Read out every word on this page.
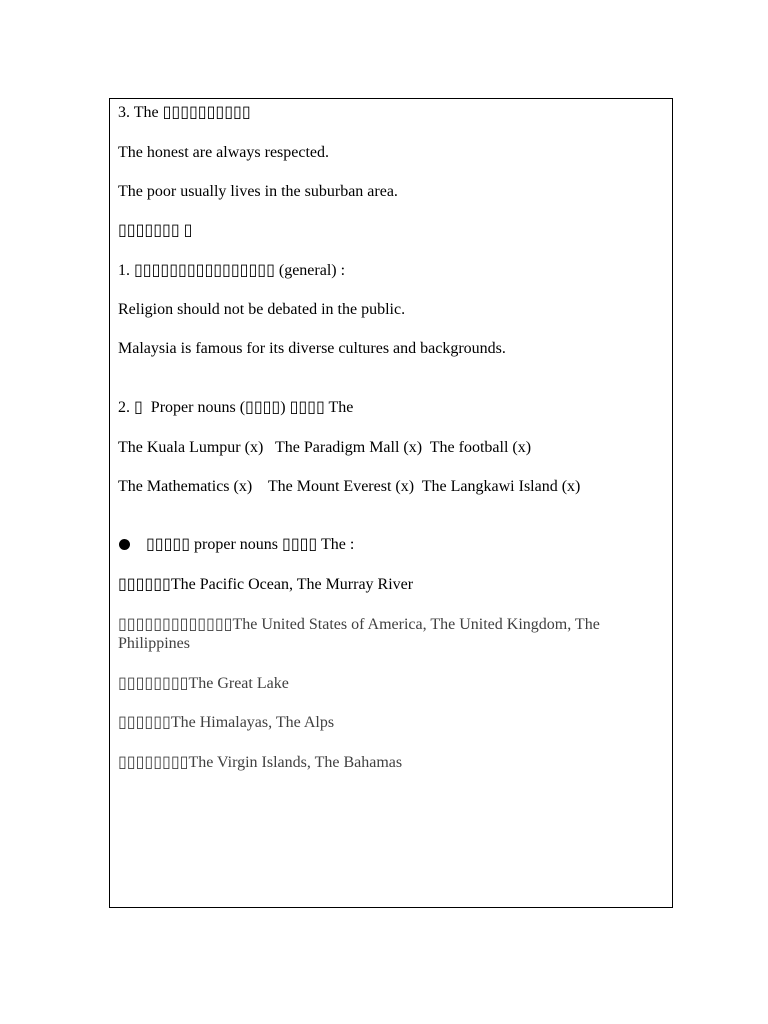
3. The ▯▯▯▯▯▯▯▯▯▯
The honest are always respected.
The poor usually lives in the suburban area.
▯▯▯▯▯▯▯ ▯
1. ▯▯▯▯▯▯▯▯▯▯▯▯▯▯▯▯ (general) :
Religion should not be debated in the public.
Malaysia is famous for its diverse cultures and backgrounds.
2. ▯  Proper nouns (▯▯▯▯) ▯▯▯▯ The
The Kuala Lumpur (x)   The Paradigm Mall (x)  The football (x)
The Mathematics (x)    The Mount Everest (x)  The Langkawi Island (x)
▯▯▯▯▯ proper nouns ▯▯▯▯ The :
▯▯▯▯▯▯The Pacific Ocean, The Murray River
▯▯▯▯▯▯▯▯▯▯▯▯▯The United States of America, The United Kingdom, The Philippines
▯▯▯▯▯▯▯▯The Great Lake
▯▯▯▯▯▯The Himalayas, The Alps
▯▯▯▯▯▯▯▯The Virgin Islands, The Bahamas
